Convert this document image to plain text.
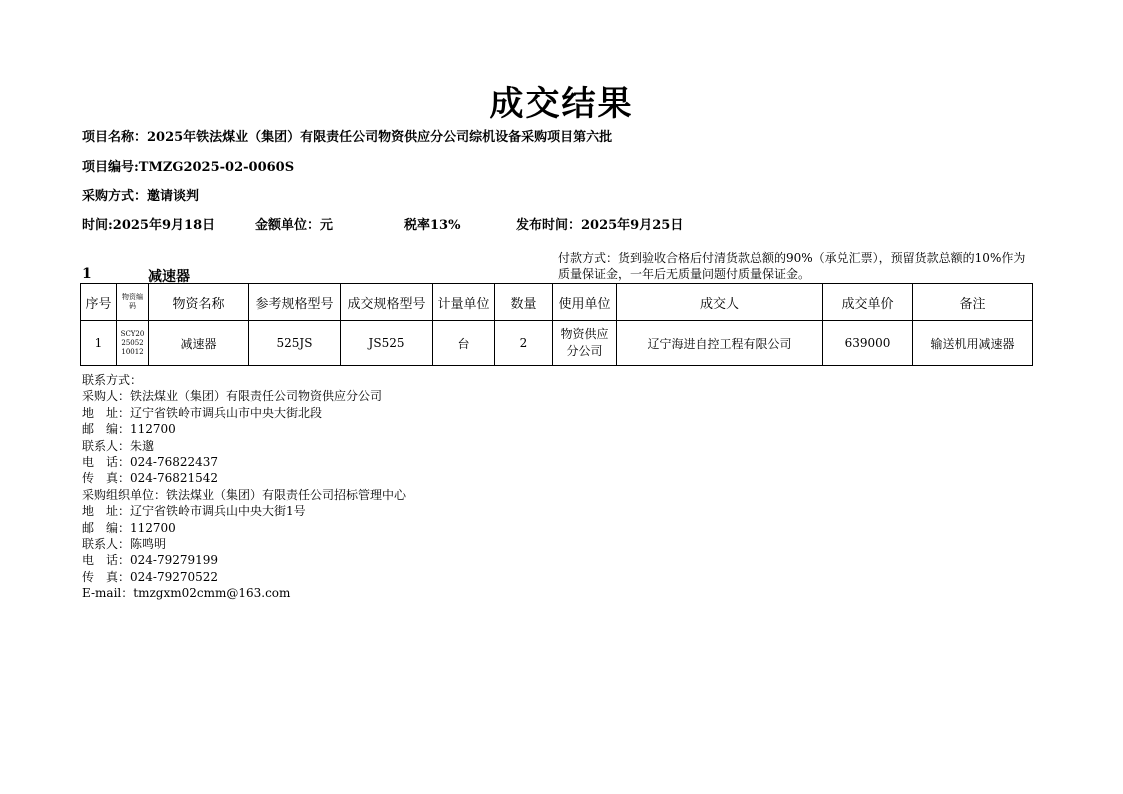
成交结果
项目名称：2025年铁法煤业（集团）有限责任公司物资供应分公司综机设备采购项目第六批
项目编号:TMZG2025-02-0060S
采购方式：邀请谈判
时间:2025年9月18日	金额单位：元	税率13%	发布时间：2025年9月25日
1	减速器
付款方式：货到验收合格后付清货款总额的90%（承兑汇票），预留货款总额的10%作为质量保证金，一年后无质量问题付质量保证金。
序号	物资编码	物资名称	参考规格型号	成交规格型号	计量单位	数量	使用单位	成交人	成交单价	备注
1	SCY202505210012	减速器	525JS	JS525	台	2	物资供应分公司	辽宁海进自控工程有限公司	639000	输送机用减速器
联系方式：
采购人：铁法煤业（集团）有限责任公司物资供应分公司
地　址：辽宁省铁岭市调兵山市中央大街北段
邮　编：112700
联系人：朱邈
电　话：024-76822437
传　真：024-76821542
采购组织单位：铁法煤业（集团）有限责任公司招标管理中心
地　址：辽宁省铁岭市调兵山中央大街1号
邮　编：112700
联系人：陈鸣明
电　话：024-79279199
传　真：024-79270522
E-mail：tmzgxm02cmm@163.com
